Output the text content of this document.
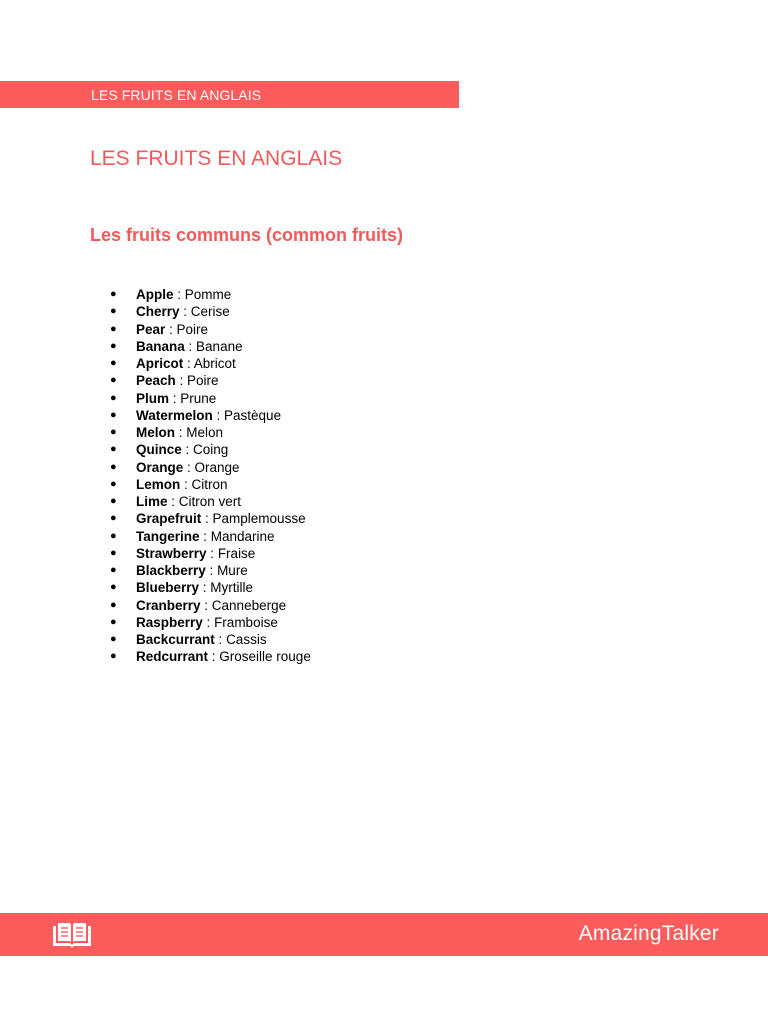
LES FRUITS EN ANGLAIS
LES FRUITS EN ANGLAIS
Les fruits communs (common fruits)
● Apple : Pomme
● Cherry : Cerise
● Pear : Poire
● Banana : Banane
● Apricot : Abricot
● Peach : Poire
● Plum : Prune
● Watermelon : Pastèque
● Melon : Melon
● Quince : Coing
● Orange : Orange
● Lemon : Citron
● Lime : Citron vert
● Grapefruit : Pamplemousse
● Tangerine : Mandarine
● Strawberry : Fraise
● Blackberry : Mure
● Blueberry : Myrtille
● Cranberry : Canneberge
● Raspberry : Framboise
● Backcurrant : Cassis
● Redcurrant : Groseille rouge
AmazingTalker
